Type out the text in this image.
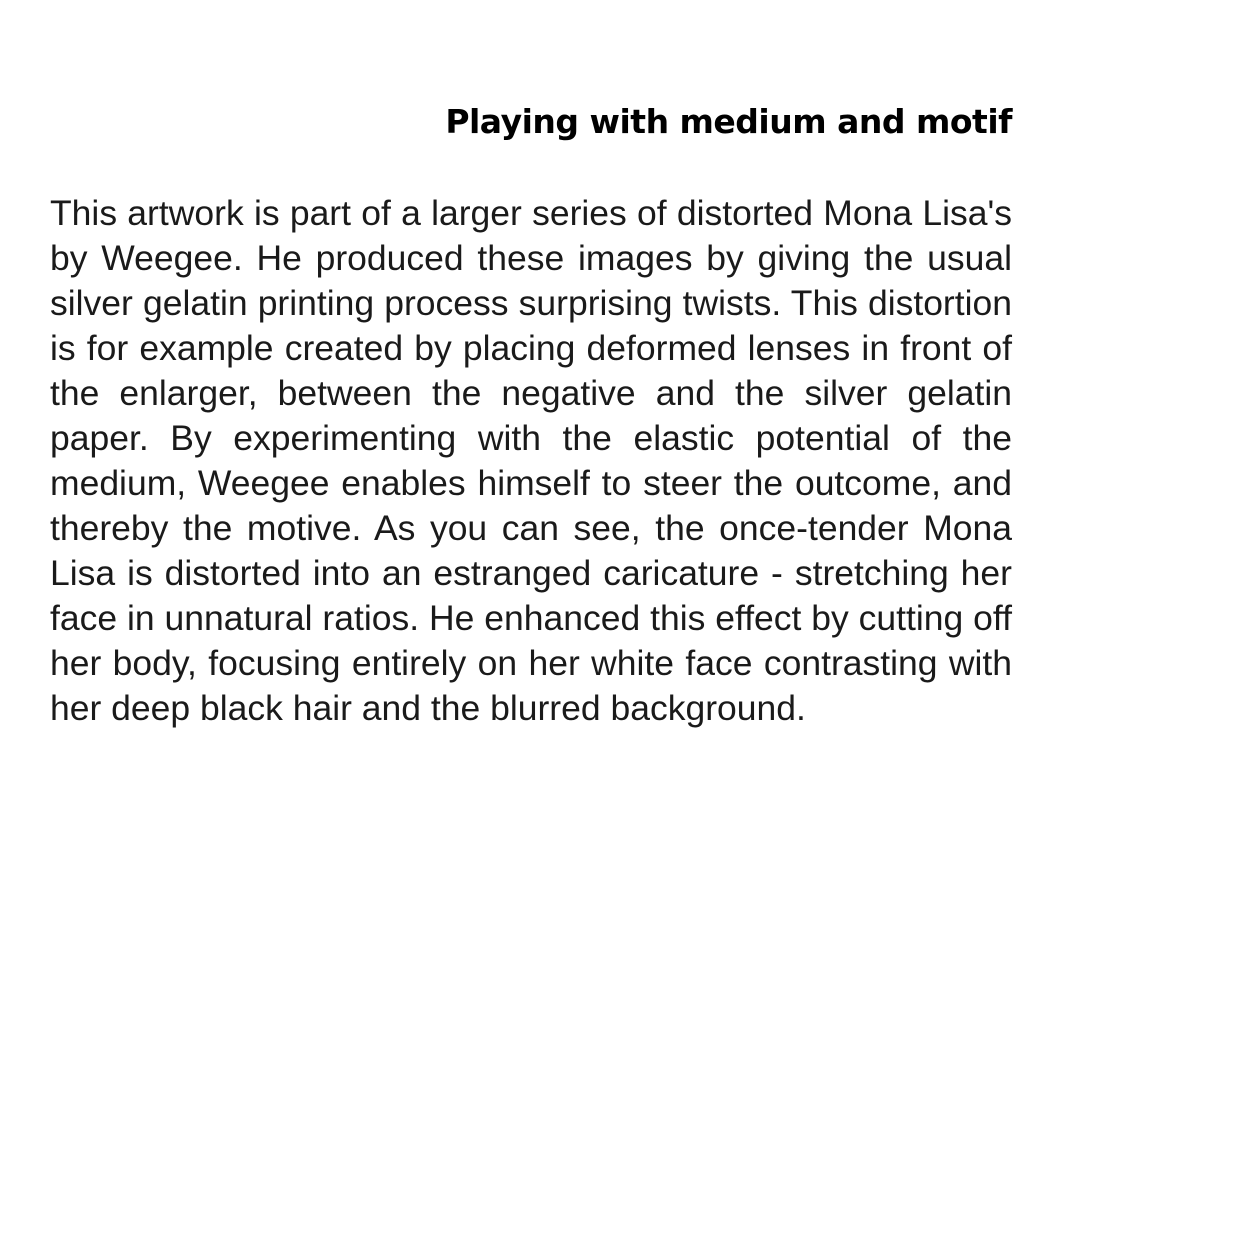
Playing with medium and motif

This artwork is part of a larger series of distorted Mona Lisa's by Weegee. He produced these images by giving the usual silver gelatin printing process surprising twists. This distortion is for example created by placing deformed lenses in front of the enlarger, between the negative and the silver gelatin paper. By experimenting with the elastic potential of the medium, Weegee enables himself to steer the outcome, and thereby the motive. As you can see, the once-tender Mona Lisa is distorted into an estranged caricature - stretching her face in unnatural ratios. He enhanced this effect by cutting off her body, focusing entirely on her white face contrasting with her deep black hair and the blurred background.
